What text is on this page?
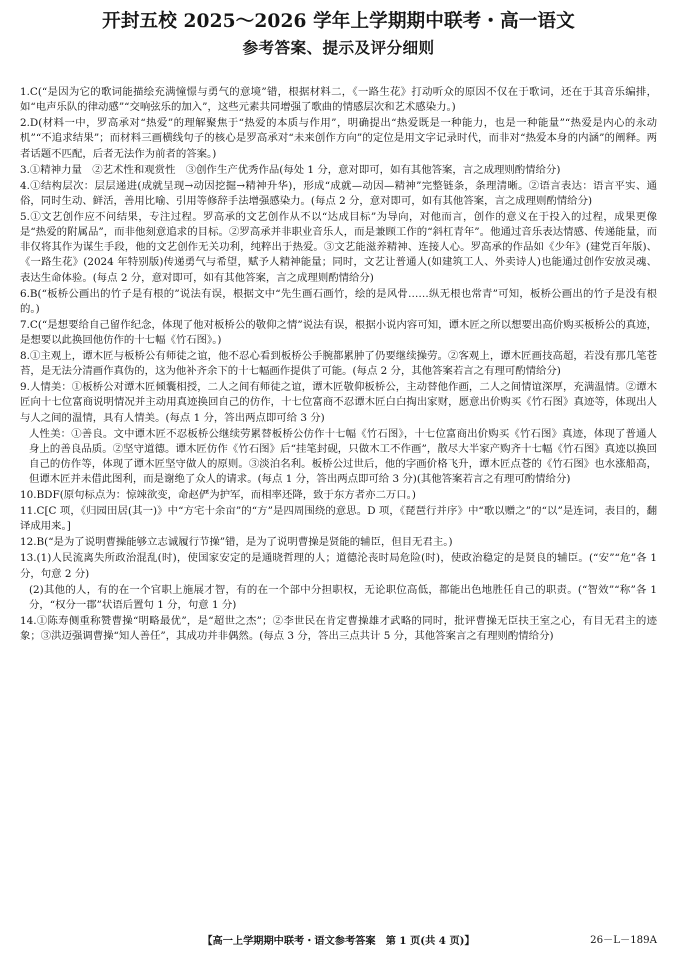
开封五校 2025～2026 学年上学期期中联考・高一语文
参考答案、提示及评分细则

1.C(“是因为它的歌词能描绘充满憧憬与勇气的意境”错，根据材料二，《一路生花》打动听众的原因不仅在于歌词，还在于其音乐编排，如“电声乐队的律动感”“交响弦乐的加入”，这些元素共同增强了歌曲的情感层次和艺术感染力。)

2.D(材料一中，罗高承对“热爱”的理解聚焦于“热爱的本质与作用”，明确提出“热爱既是一种能力，也是一种能量”“热爱是内心的永动机”“不追求结果”；而材料三画横线句子的核心是罗高承对“未来创作方向”的定位是用文字记录时代，而非对“热爱本身的内涵”的阐释。两者话题不匹配，后者无法作为前者的答案。)

3.①精神力量　②艺术性和观赏性　③创作生产优秀作品(每处 1 分，意对即可，如有其他答案，言之成理则酌情给分)

4.①结构层次：层层递进(成就呈现→动因挖掘→精神升华)，形成“成就—动因—精神”完整链条，条理清晰。②语言表达：语言平实、通俗，同时生动、鲜活，善用比喻、引用等修辞手法增强感染力。(每点 2 分，意对即可，如有其他答案，言之成理则酌情给分)

5.①文艺创作应不问结果，专注过程。罗高承的文艺创作从不以“达成目标”为导向，对他而言，创作的意义在于投入的过程，成果更像是“热爱的附属品”，而非他刻意追求的目标。②罗高承并非职业音乐人，而是兼顾工作的“斜杠青年”。他通过音乐表达情感、传递能量，而非仅将其作为谋生手段，他的文艺创作无关功利，纯粹出于热爱。③文艺能滋养精神、连接人心。罗高承的作品如《少年》(建党百年版)、《一路生花》(2024 年特别版)传递勇气与希望，赋予人精神能量；同时，文艺让普通人(如建筑工人、外卖诗人)也能通过创作安放灵魂、表达生命体验。(每点 2 分，意对即可，如有其他答案，言之成理则酌情给分)

6.B(“板桥公画出的竹子是有根的”说法有误，根据文中“先生画石画竹，绘的是风骨……纵无根也常青”可知，板桥公画出的竹子是没有根的。)

7.C(“是想要给自己留作纪念，体现了他对板桥公的敬仰之情”说法有误，根据小说内容可知，谭木匠之所以想要出高价购买板桥公的真迹，是想要以此换回他仿作的十七幅《竹石图》。)

8.①主观上，谭木匠与板桥公有师徒之谊，他不忍心看到板桥公手腕都累肿了仍要继续操劳。②客观上，谭木匠画技高超，若没有那几笔苍苔，是无法分清画作真伪的，这为他补齐余下的十七幅画作提供了可能。(每点 2 分，其他答案若言之有理可酌情给分)

9.人情美：①板桥公对谭木匠倾囊相授，二人之间有师徒之谊，谭木匠敬仰板桥公，主动替他作画，二人之间情谊深厚，充满温情。②谭木匠向十七位富商说明情况并主动用真迹换回自己的仿作，十七位富商不忍谭木匠白白掏出家财，愿意出价购买《竹石图》真迹等，体现出人与人之间的温情，具有人情美。(每点 1 分，答出两点即可给 3 分)

人性美：①善良。文中谭木匠不忍板桥公继续劳累替板桥公仿作十七幅《竹石图》，十七位富商出价购买《竹石图》真迹，体现了普通人身上的善良品质。②坚守道德。谭木匠仿作《竹石图》后“挂笔封砚，只做木工不作画”，散尽大半家产购齐十七幅《竹石图》真迹以换回自己的仿作等，体现了谭木匠坚守做人的原则。③淡泊名利。板桥公过世后，他的字画价格飞升，谭木匠点苍的《竹石图》也水涨船高，但谭木匠并未借此图利，而是谢绝了众人的请求。(每点 1 分，答出两点即可给 3 分)(其他答案若言之有理可酌情给分)

10.BDF(原句标点为：惊竦欲变，命赵俨为护军，而相率还降，致于东方者亦二万口。)

11.C[C 项，《归园田居(其一)》中“方宅十余亩”的“方”是四周围绕的意思。D 项，《琵琶行并序》中“歌以赠之”的“以”是连词，表目的，翻译成用来。]

12.B(“是为了说明曹操能够立志诚履行节操”错，是为了说明曹操是贤能的辅臣，但目无君主。)

13.(1)人民流离失所政治混乱(时)，使国家安定的是通晓哲理的人；道德沦丧时局危险(时)，使政治稳定的是贤良的辅臣。(“安”“危”各 1 分，句意 2 分)

(2)其他的人，有的在一个官职上施展才智，有的在一个部中分担职权，无论职位高低，都能出色地胜任自己的职责。(“智效”“称”各 1 分，“权分一郡”状语后置句 1 分，句意 1 分)

14.①陈寿侧重称赞曹操“明略最优”，是“超世之杰”；②李世民在肯定曹操雄才武略的同时，批评曹操无臣扶王室之心，有目无君主的迹象；③洪迈强调曹操“知人善任”，其成功并非偶然。(每点 3 分，答出三点共计 5 分，其他答案言之有理则酌情给分)

【高一上学期期中联考・语文参考答案　第 1 页(共 4 页)】	26－L－189A
